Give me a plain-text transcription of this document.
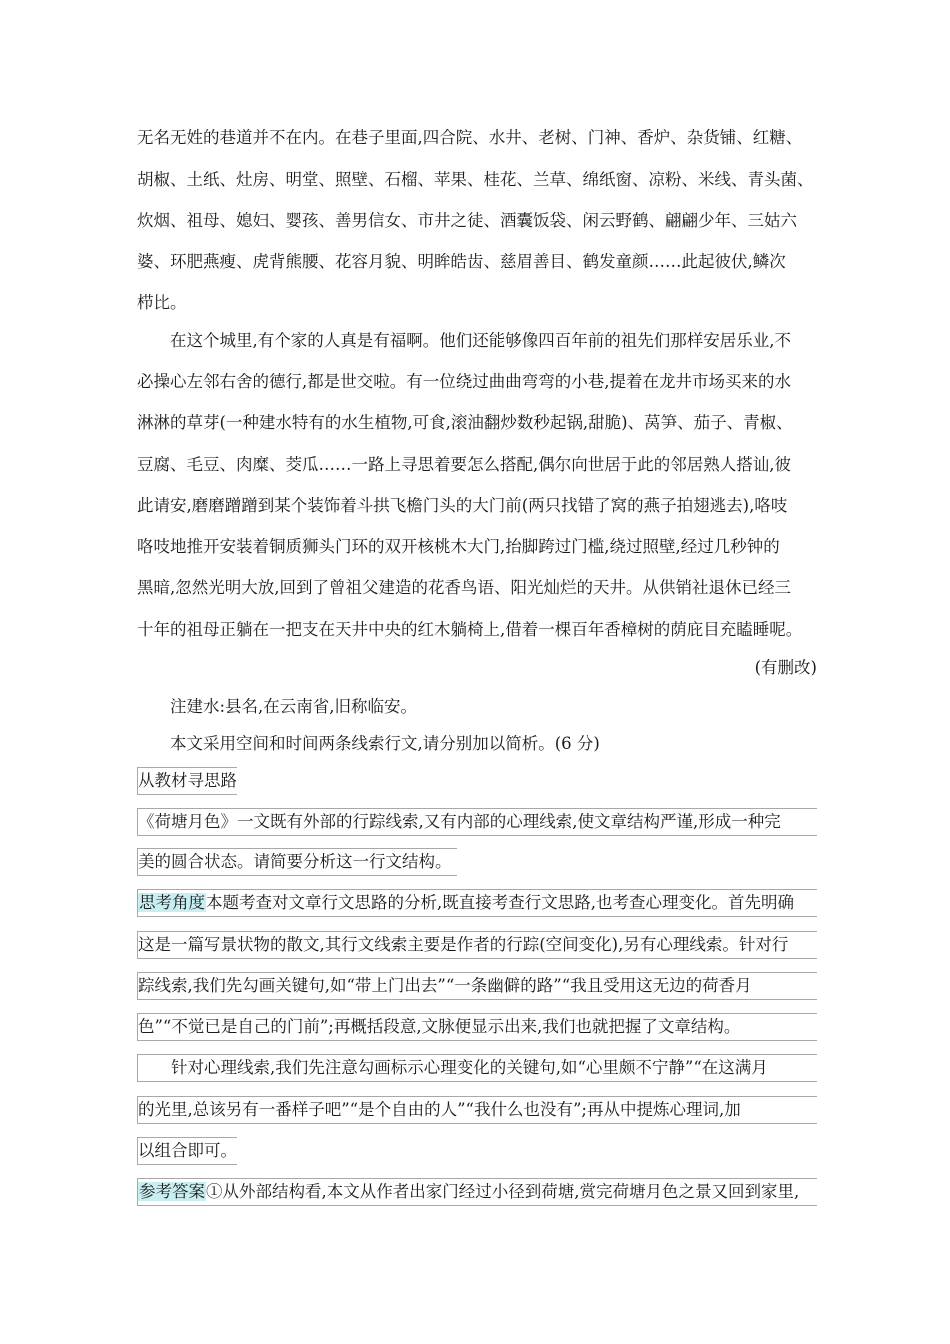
无名无姓的巷道并不在内。在巷子里面,四合院、水井、老树、门神、香炉、杂货铺、红糖、
胡椒、土纸、灶房、明堂、照壁、石榴、苹果、桂花、兰草、绵纸窗、凉粉、米线、青头菌、
炊烟、祖母、媳妇、婴孩、善男信女、市井之徒、酒囊饭袋、闲云野鹤、翩翩少年、三姑六
婆、环肥燕瘦、虎背熊腰、花容月貌、明眸皓齿、慈眉善目、鹤发童颜……此起彼伏,鳞次
栉比。
在这个城里,有个家的人真是有福啊。他们还能够像四百年前的祖先们那样安居乐业,不
必操心左邻右舍的德行,都是世交啦。有一位绕过曲曲弯弯的小巷,提着在龙井市场买来的水
淋淋的草芽(一种建水特有的水生植物,可食,滚油翻炒数秒起锅,甜脆)、莴笋、茄子、青椒、
豆腐、毛豆、肉糜、茭瓜……一路上寻思着要怎么搭配,偶尔向世居于此的邻居熟人搭讪,彼
此请安,磨磨蹭蹭到某个装饰着斗拱飞檐门头的大门前(两只找错了窝的燕子拍翅逃去),咯吱
咯吱地推开安装着铜质狮头门环的双开核桃木大门,抬脚跨过门槛,绕过照壁,经过几秒钟的
黑暗,忽然光明大放,回到了曾祖父建造的花香鸟语、阳光灿烂的天井。从供销社退休已经三
十年的祖母正躺在一把支在天井中央的红木躺椅上,借着一棵百年香樟树的荫庇目充瞌睡呢。
(有删改)
注建水:县名,在云南省,旧称临安。
本文采用空间和时间两条线索行文,请分别加以简析。(6 分)
从教材寻思路
《荷塘月色》一文既有外部的行踪线索,又有内部的心理线索,使文章结构严谨,形成一种完
美的圆合状态。请简要分析这一行文结构。
思考角度本题考查对文章行文思路的分析,既直接考查行文思路,也考查心理变化。首先明确
这是一篇写景状物的散文,其行文线索主要是作者的行踪(空间变化),另有心理线索。针对行
踪线索,我们先勾画关键句,如“带上门出去”“一条幽僻的路”“我且受用这无边的荷香月
色”“不觉已是自己的门前”;再概括段意,文脉便显示出来,我们也就把握了文章结构。
针对心理线索,我们先注意勾画标示心理变化的关键句,如“心里颇不宁静”“在这满月
的光里,总该另有一番样子吧”“是个自由的人”“我什么也没有”;再从中提炼心理词,加
以组合即可。
参考答案①从外部结构看,本文从作者出家门经过小径到荷塘,赏完荷塘月色之景又回到家里,
